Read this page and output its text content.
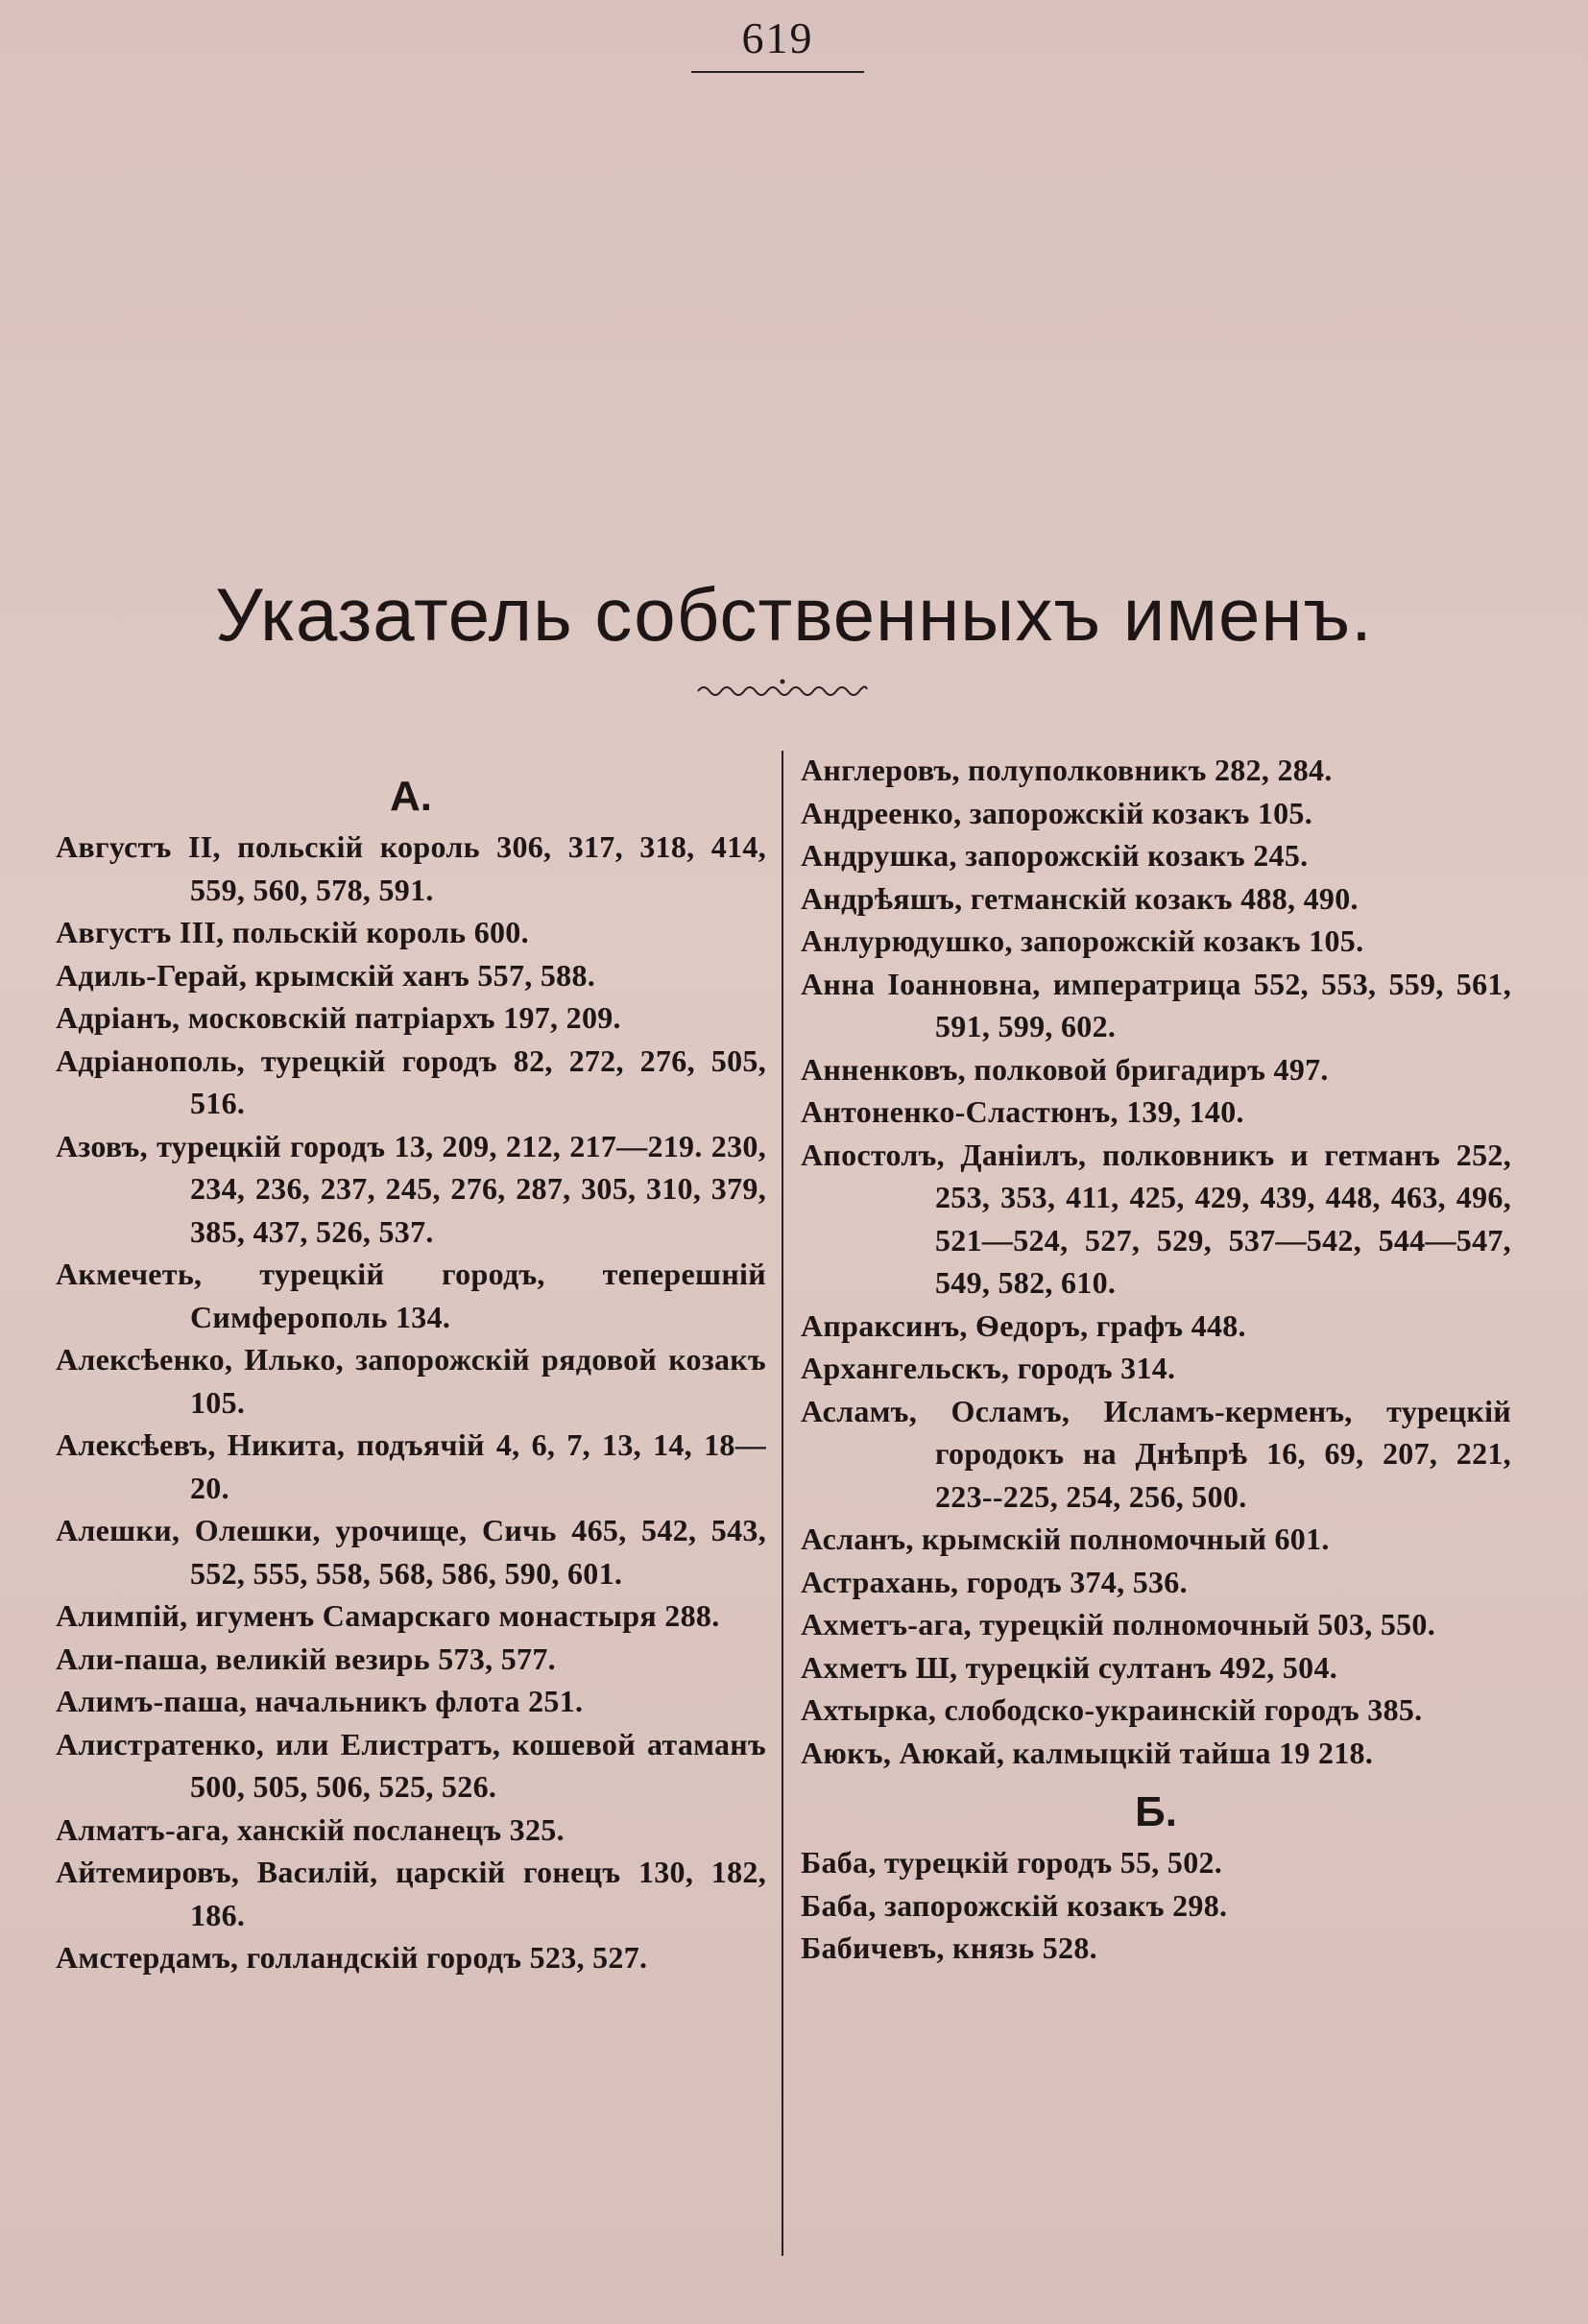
619
Указатель собственныхъ именъ.
А.
Августъ II, польскій король 306, 317, 318, 414, 559, 560, 578, 591.
Августъ III, польскій король 600.
Адиль-Герай, крымскій ханъ 557, 588.
Адріанъ, московскій патріархъ 197, 209.
Адріанополь, турецкій городъ 82, 272, 276, 505, 516.
Азовъ, турецкій городъ 13, 209, 212, 217—219. 230, 234, 236, 237, 245, 276, 287, 305, 310, 379, 385, 437, 526, 537.
Акмечеть, турецкій городъ, теперешній Симферополь 134.
Алексѣенко, Илько, запорожскій рядовой козакъ 105.
Алексѣевъ, Никита, подъячій 4, 6, 7, 13, 14, 18—20.
Алешки, Олешки, урочище, Сичь 465, 542, 543, 552, 555, 558, 568, 586, 590, 601.
Алимпій, игуменъ Самарскаго монастыря 288.
Али-паша, великій везирь 573, 577.
Алимъ-паша, начальникъ флота 251.
Алистратенко, или Елистратъ, кошевой атаманъ 500, 505, 506, 525, 526.
Алматъ-ага, ханскій посланецъ 325.
Айтемировъ, Василій, царскій гонецъ 130, 182, 186.
Амстердамъ, голландскій городъ 523, 527.
Англеровъ, полуполковникъ 282, 284.
Андреенко, запорожскій козакъ 105.
Андрушка, запорожскій козакъ 245.
Андрѣяшъ, гетманскій козакъ 488, 490.
Анлурюдушко, запорожскій козакъ 105.
Анна Іоанновна, императрица 552, 553, 559, 561, 591, 599, 602.
Анненковъ, полковой бригадиръ 497.
Антоненко-Сластюнъ, 139, 140.
Апостолъ, Даніилъ, полковникъ и гетманъ 252, 253, 353, 411, 425, 429, 439, 448, 463, 496, 521—524, 527, 529, 537—542, 544—547, 549, 582, 610.
Апраксинъ, Ѳедоръ, графъ 448.
Архангельскъ, городъ 314.
Асламъ, Осламъ, Исламъ-керменъ, турецкій городокъ на Днѣпрѣ 16, 69, 207, 221, 223--225, 254, 256, 500.
Асланъ, крымскій полномочный 601.
Астрахань, городъ 374, 536.
Ахметъ-ага, турецкій полномочный 503, 550.
Ахметъ Ш, турецкій султанъ 492, 504.
Ахтырка, слободско-украинскій городъ 385.
Аюкъ, Аюкай, калмыцкій тайша 19 218.
Б.
Баба, турецкій городъ 55, 502.
Баба, запорожскій козакъ 298.
Бабичевъ, князь 528.
